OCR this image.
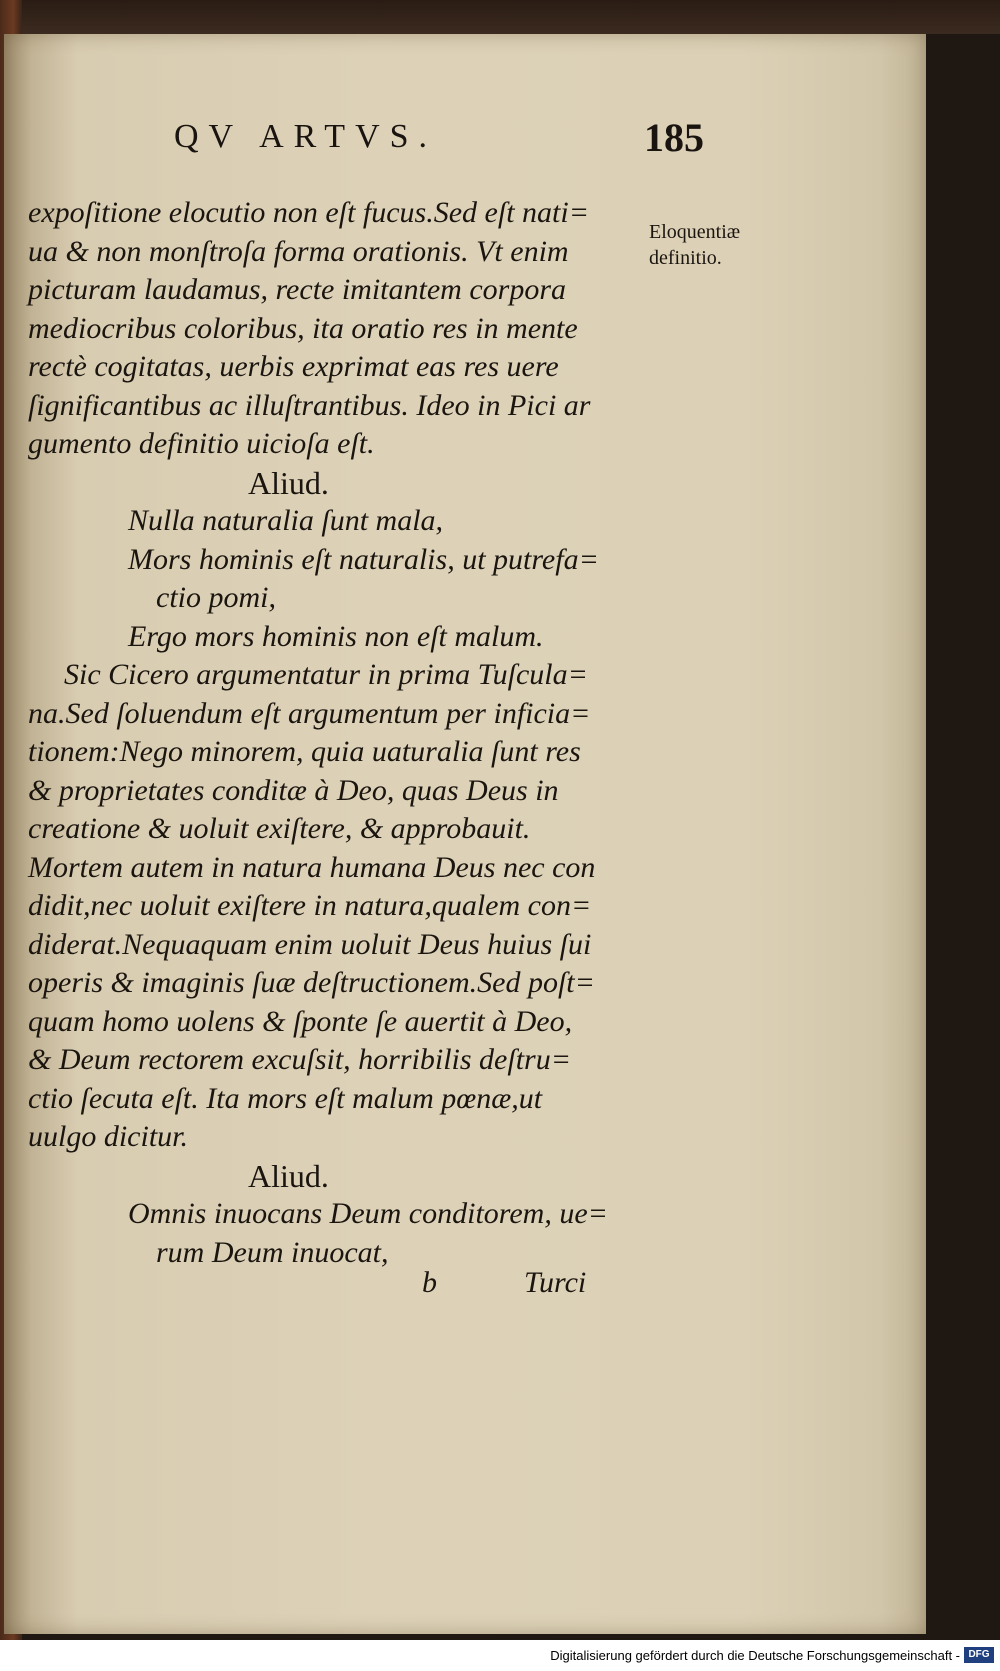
QV ARTVS.	185
Eloquentiæ
definitio.
expoſitione elocutio non eſt fucus.Sed eſt nati=
ua & non monſtroſa forma orationis. Vt enim
picturam laudamus, recte imitantem corpora
mediocribus coloribus, ita oratio res in mente
rectè cogitatas, uerbis exprimat eas res uere
ſignificantibus ac illuſtrantibus. Ideo in Pici ar
gumento definitio uicioſa eſt.
Aliud.
Nulla naturalia ſunt mala,
Mors hominis eſt naturalis, ut putrefa=
ctio pomi,
Ergo mors hominis non eſt malum.
Sic Cicero argumentatur in prima Tuſcula=
na.Sed ſoluendum eſt argumentum per inficia=
tionem:Nego minorem, quia uaturalia ſunt res
& proprietates conditæ à Deo, quas Deus in
creatione & uoluit exiſtere, & approbauit.
Mortem autem in natura humana Deus nec con
didit,nec uoluit exiſtere in natura,qualem con=
diderat.Nequaquam enim uoluit Deus huius ſui
operis & imaginis ſuæ deſtructionem.Sed poſt=
quam homo uolens & ſponte ſe auertit à Deo,
& Deum rectorem excuſsit, horribilis deſtru=
ctio ſecuta eſt. Ita mors eſt malum pœnæ,ut
uulgo dicitur.
Aliud.
Omnis inuocans Deum conditorem, ue=
rum Deum inuocat,
b	Turci
Digitalisierung gefördert durch die Deutsche Forschungsgemeinschaft - DFG
